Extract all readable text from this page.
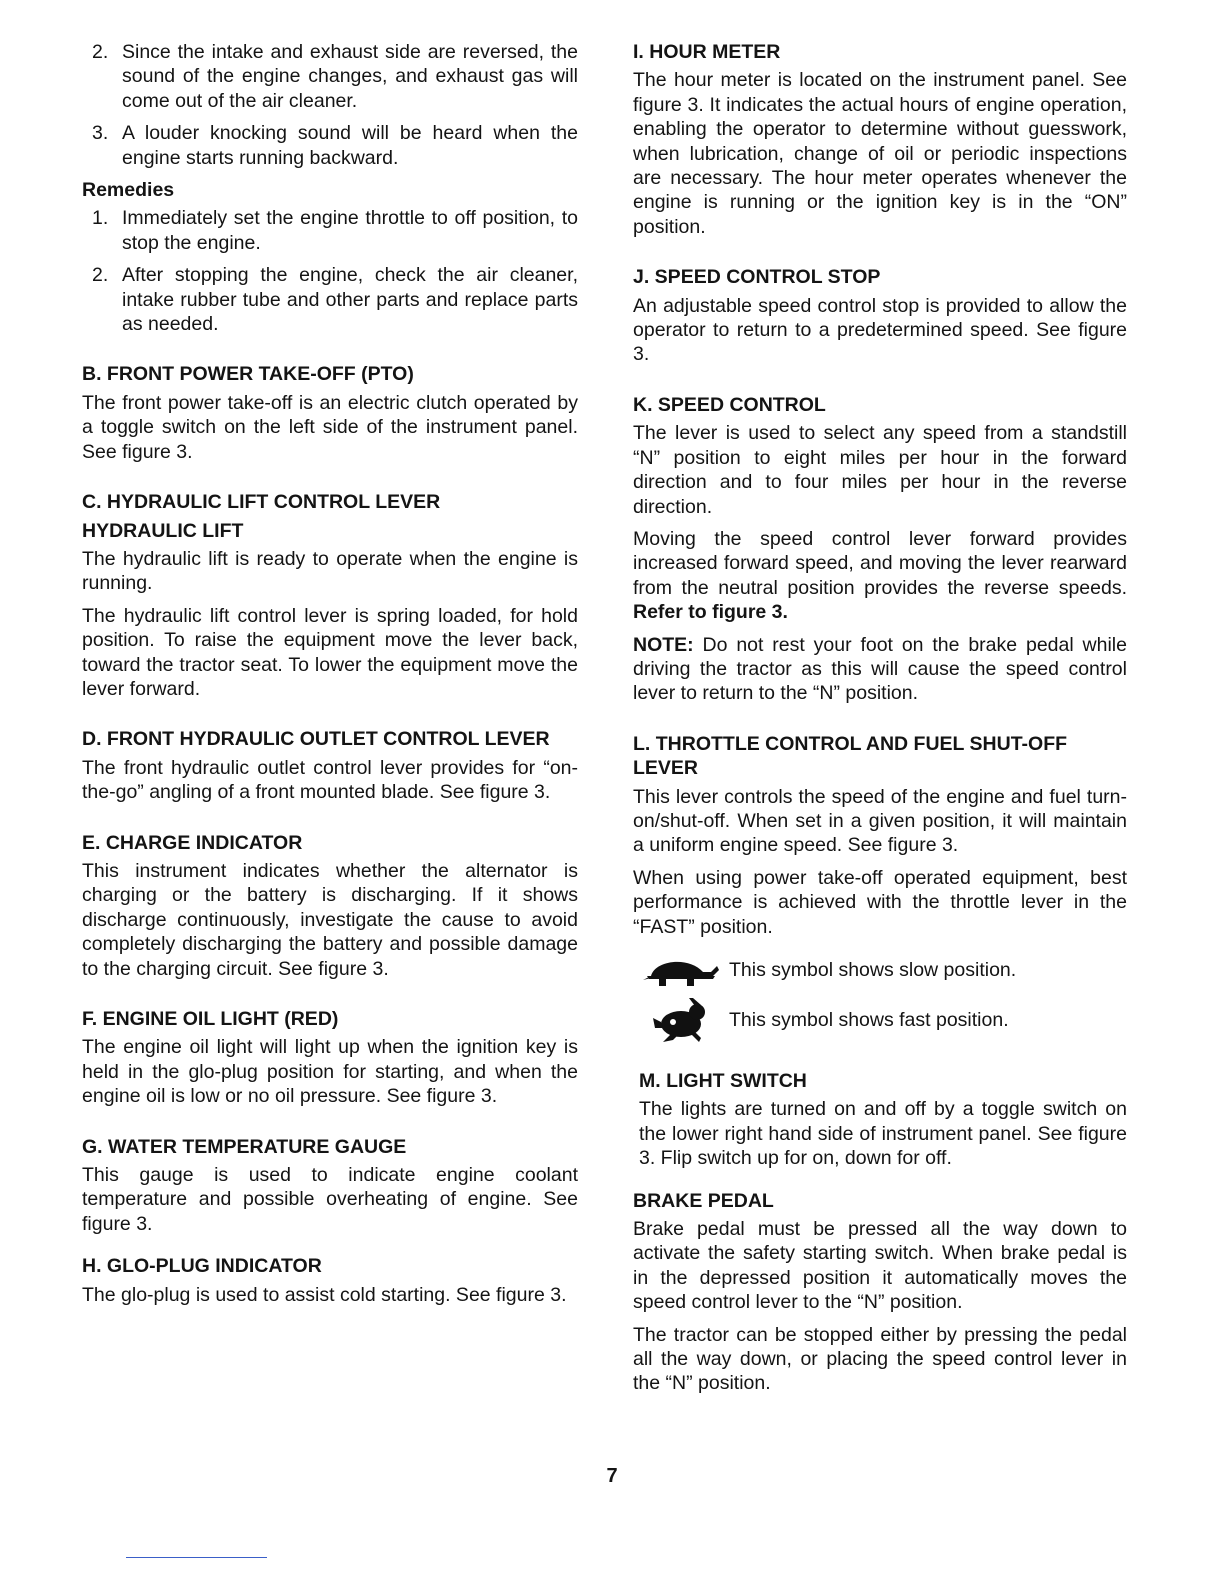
2. Since the intake and exhaust side are reversed, the sound of the engine changes, and exhaust gas will come out of the air cleaner.
3. A louder knocking sound will be heard when the engine starts running backward.
Remedies
1. Immediately set the engine throttle to off position, to stop the engine.
2. After stopping the engine, check the air cleaner, intake rubber tube and other parts and replace parts as needed.
B. FRONT POWER TAKE-OFF (PTO)

The front power take-off is an electric clutch operated by a toggle switch on the left side of the instrument panel. See figure 3.

C. HYDRAULIC LIFT CONTROL LEVER
HYDRAULIC LIFT

The hydraulic lift is ready to operate when the engine is running.

The hydraulic lift control lever is spring loaded, for hold position. To raise the equipment move the lever back, toward the tractor seat. To lower the equipment move the lever forward.

D. FRONT HYDRAULIC OUTLET CONTROL LEVER

The front hydraulic outlet control lever provides for “on-the-go” angling of a front mounted blade. See figure 3.

E. CHARGE INDICATOR

This instrument indicates whether the alternator is charging or the battery is discharging. If it shows discharge continuously, investigate the cause to avoid completely discharging the battery and possible damage to the charging circuit. See figure 3.

F. ENGINE OIL LIGHT (RED)

The engine oil light will light up when the ignition key is held in the glo-plug position for starting, and when the engine oil is low or no oil pressure. See figure 3.

G. WATER TEMPERATURE GAUGE

This gauge is used to indicate engine coolant temperature and possible overheating of engine. See figure 3.

H. GLO-PLUG INDICATOR

The glo-plug is used to assist cold starting. See figure 3.

I. HOUR METER

The hour meter is located on the instrument panel. See figure 3. It indicates the actual hours of engine operation, enabling the operator to determine without guesswork, when lubrication, change of oil or periodic inspections are necessary. The hour meter operates whenever the engine is running or the ignition key is in the “ON” position.

J. SPEED CONTROL STOP

An adjustable speed control stop is provided to allow the operator to return to a predetermined speed. See figure 3.

K. SPEED CONTROL

The lever is used to select any speed from a standstill “N” position to eight miles per hour in the forward direction and to four miles per hour in the reverse direction.

Moving the speed control lever forward provides increased forward speed, and moving the lever rearward from the neutral position provides the reverse speeds. Refer to figure 3.

NOTE: Do not rest your foot on the brake pedal while driving the tractor as this will cause the speed control lever to return to the “N” position.

L. THROTTLE CONTROL AND FUEL SHUT-OFF LEVER

This lever controls the speed of the engine and fuel turn-on/shut-off. When set in a given position, it will maintain a uniform engine speed. See figure 3.

When using power take-off operated equipment, best performance is achieved with the throttle lever in the “FAST” position.

This symbol shows slow position.
This symbol shows fast position.
M. LIGHT SWITCH

The lights are turned on and off by a toggle switch on the lower right hand side of instrument panel. See figure 3. Flip switch up for on, down for off.

BRAKE PEDAL

Brake pedal must be pressed all the way down to activate the safety starting switch. When brake pedal is in the depressed position it automatically moves the speed control lever to the “N” position.

The tractor can be stopped either by pressing the pedal all the way down, or placing the speed control lever in the “N” position.

7
